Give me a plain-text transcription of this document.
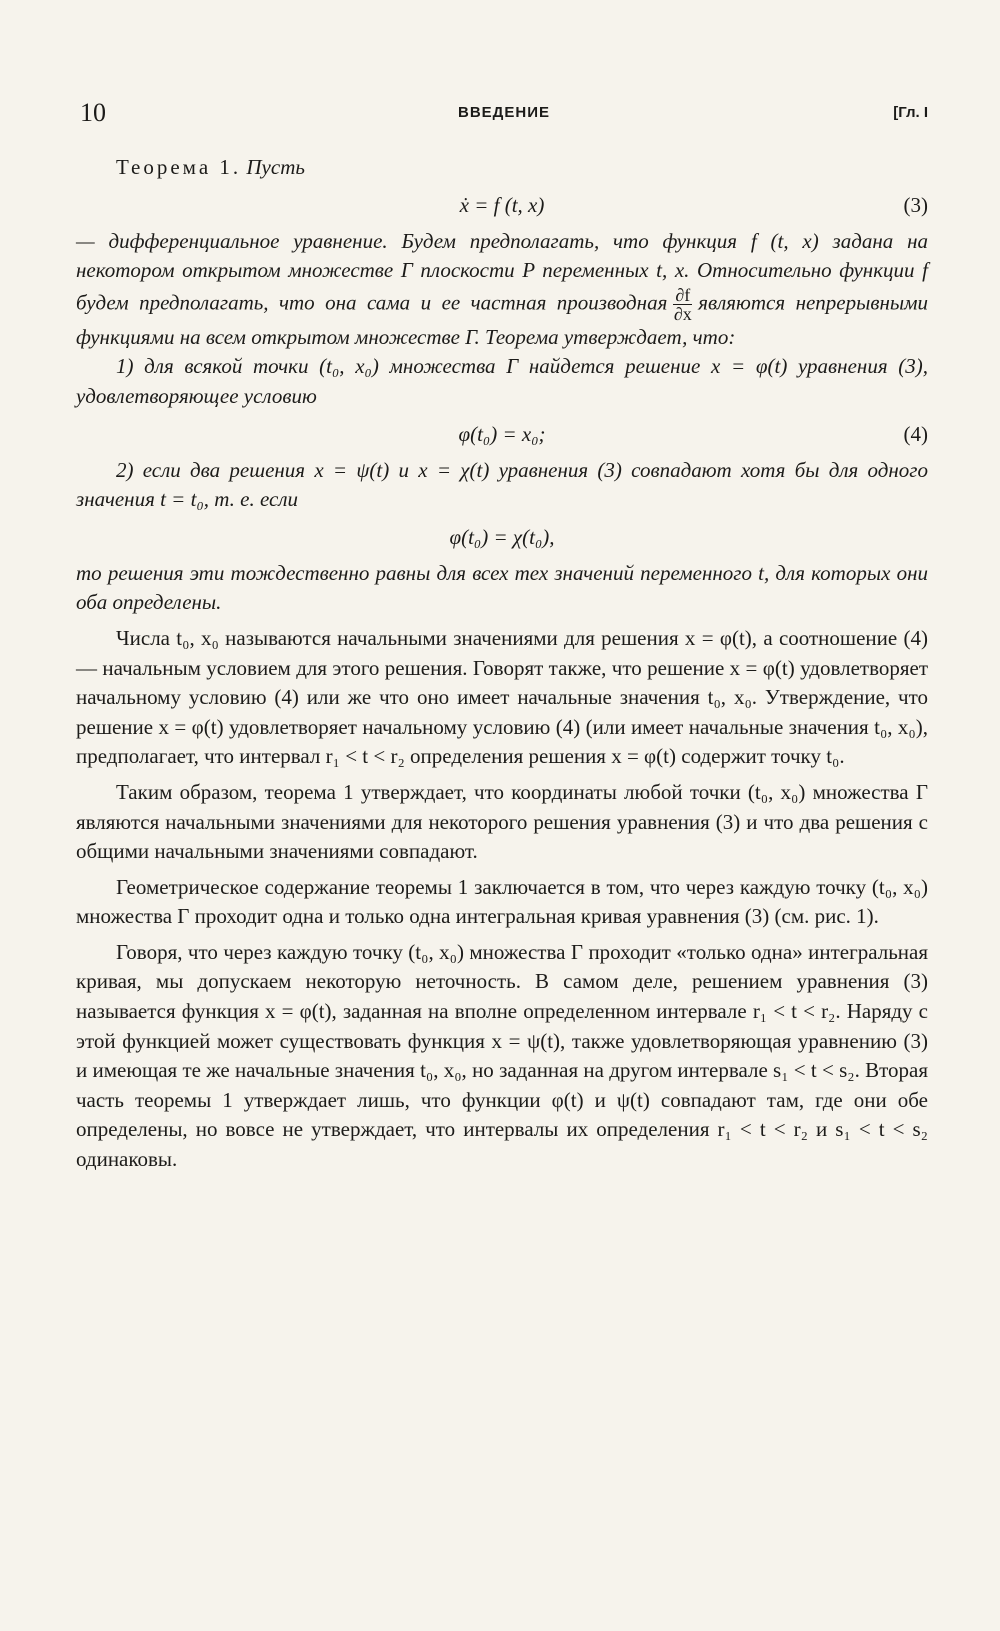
10	ВВЕДЕНИЕ	[Гл. I

Теорема 1. Пусть

ẋ = f (t, x)	(3)

— дифференциальное уравнение. Будем предполагать, что функция f (t, x) задана на некотором открытом множестве Γ плоскости P переменных t, x. Относительно функции f будем предполагать, что она сама и ее частная производная $\frac{\partial f}{\partial x}$ являются непрерывными функциями на всем открытом множестве Γ. Теорема утверждает, что:

1) для всякой точки (t₀, x₀) множества Γ найдется решение x = φ(t) уравнения (3), удовлетворяющее условию

φ(t₀) = x₀;	(4)

2) если два решения x = ψ(t) и x = χ(t) уравнения (3) совпадают хотя бы для одного значения t = t₀, т. е. если

φ(t₀) = χ(t₀),

то решения эти тождественно равны для всех тех значений переменного t, для которых они оба определены.

Числа t₀, x₀ называются начальными значениями для решения x = φ(t), а соотношение (4) — начальным условием для этого решения. Говорят также, что решение x = φ(t) удовлетворяет начальному условию (4) или же что оно имеет начальные значения t₀, x₀. Утверждение, что решение x = φ(t) удовлетворяет начальному условию (4) (или имеет начальные значения t₀, x₀), предполагает, что интервал r₁ < t < r₂ определения решения x = φ(t) содержит точку t₀.

Таким образом, теорема 1 утверждает, что координаты любой точки (t₀, x₀) множества Γ являются начальными значениями для некоторого решения уравнения (3) и что два решения с общими начальными значениями совпадают.

Геометрическое содержание теоремы 1 заключается в том, что через каждую точку (t₀, x₀) множества Γ проходит одна и только одна интегральная кривая уравнения (3) (см. рис. 1).

Говоря, что через каждую точку (t₀, x₀) множества Γ проходит «только одна» интегральная кривая, мы допускаем некоторую неточность. В самом деле, решением уравнения (3) называется функция x = φ(t), заданная на вполне определенном интервале r₁ < t < r₂. Наряду с этой функцией может существовать функция x = ψ(t), также удовлетворяющая уравнению (3) и имеющая те же начальные значения t₀, x₀, но заданная на другом интервале s₁ < t < s₂. Вторая часть теоремы 1 утверждает лишь, что функции φ(t) и ψ(t) совпадают там, где они обе определены, но вовсе не утверждает, что интервалы их определения r₁ < t < r₂ и s₁ < t < s₂ одинаковы.
